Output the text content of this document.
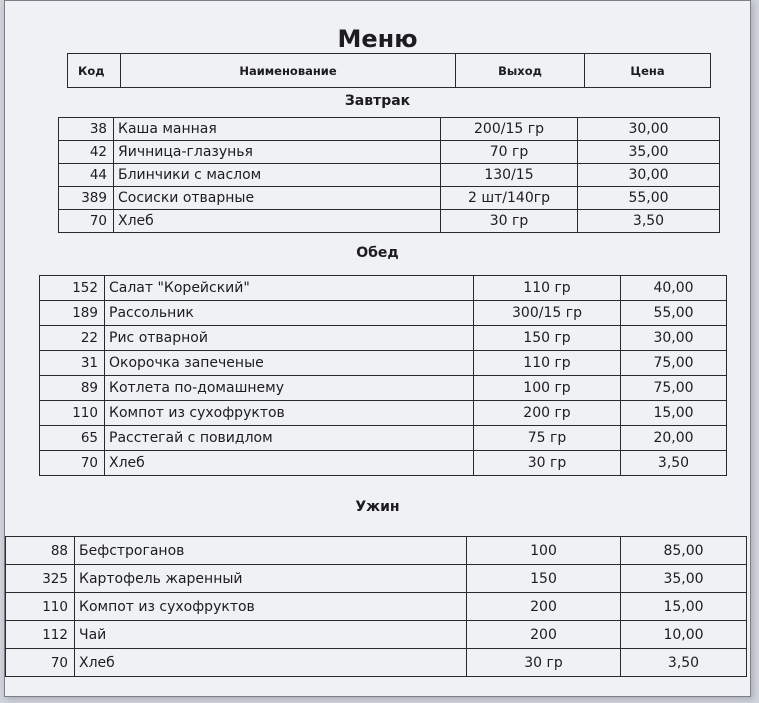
Меню
Код	Наименование	Выход	Цена
Завтрак
38	Каша манная	200/15 гр	30,00
42	Яичница-глазунья	70 гр	35,00
44	Блинчики с маслом	130/15	30,00
389	Сосиски отварные	2 шт/140гр	55,00
70	Хлеб	30 гр	3,50
Обед
152	Салат "Корейский"	110 гр	40,00
189	Рассольник	300/15 гр	55,00
22	Рис отварной	150 гр	30,00
31	Окорочка запеченые	110 гр	75,00
89	Котлета по-домашнему	100 гр	75,00
110	Компот из сухофруктов	200 гр	15,00
65	Расстегай с повидлом	75 гр	20,00
70	Хлеб	30 гр	3,50
Ужин
88	Бефстроганов	100	85,00
325	Картофель жаренный	150	35,00
110	Компот из сухофруктов	200	15,00
112	Чай	200	10,00
70	Хлеб	30 гр	3,50
